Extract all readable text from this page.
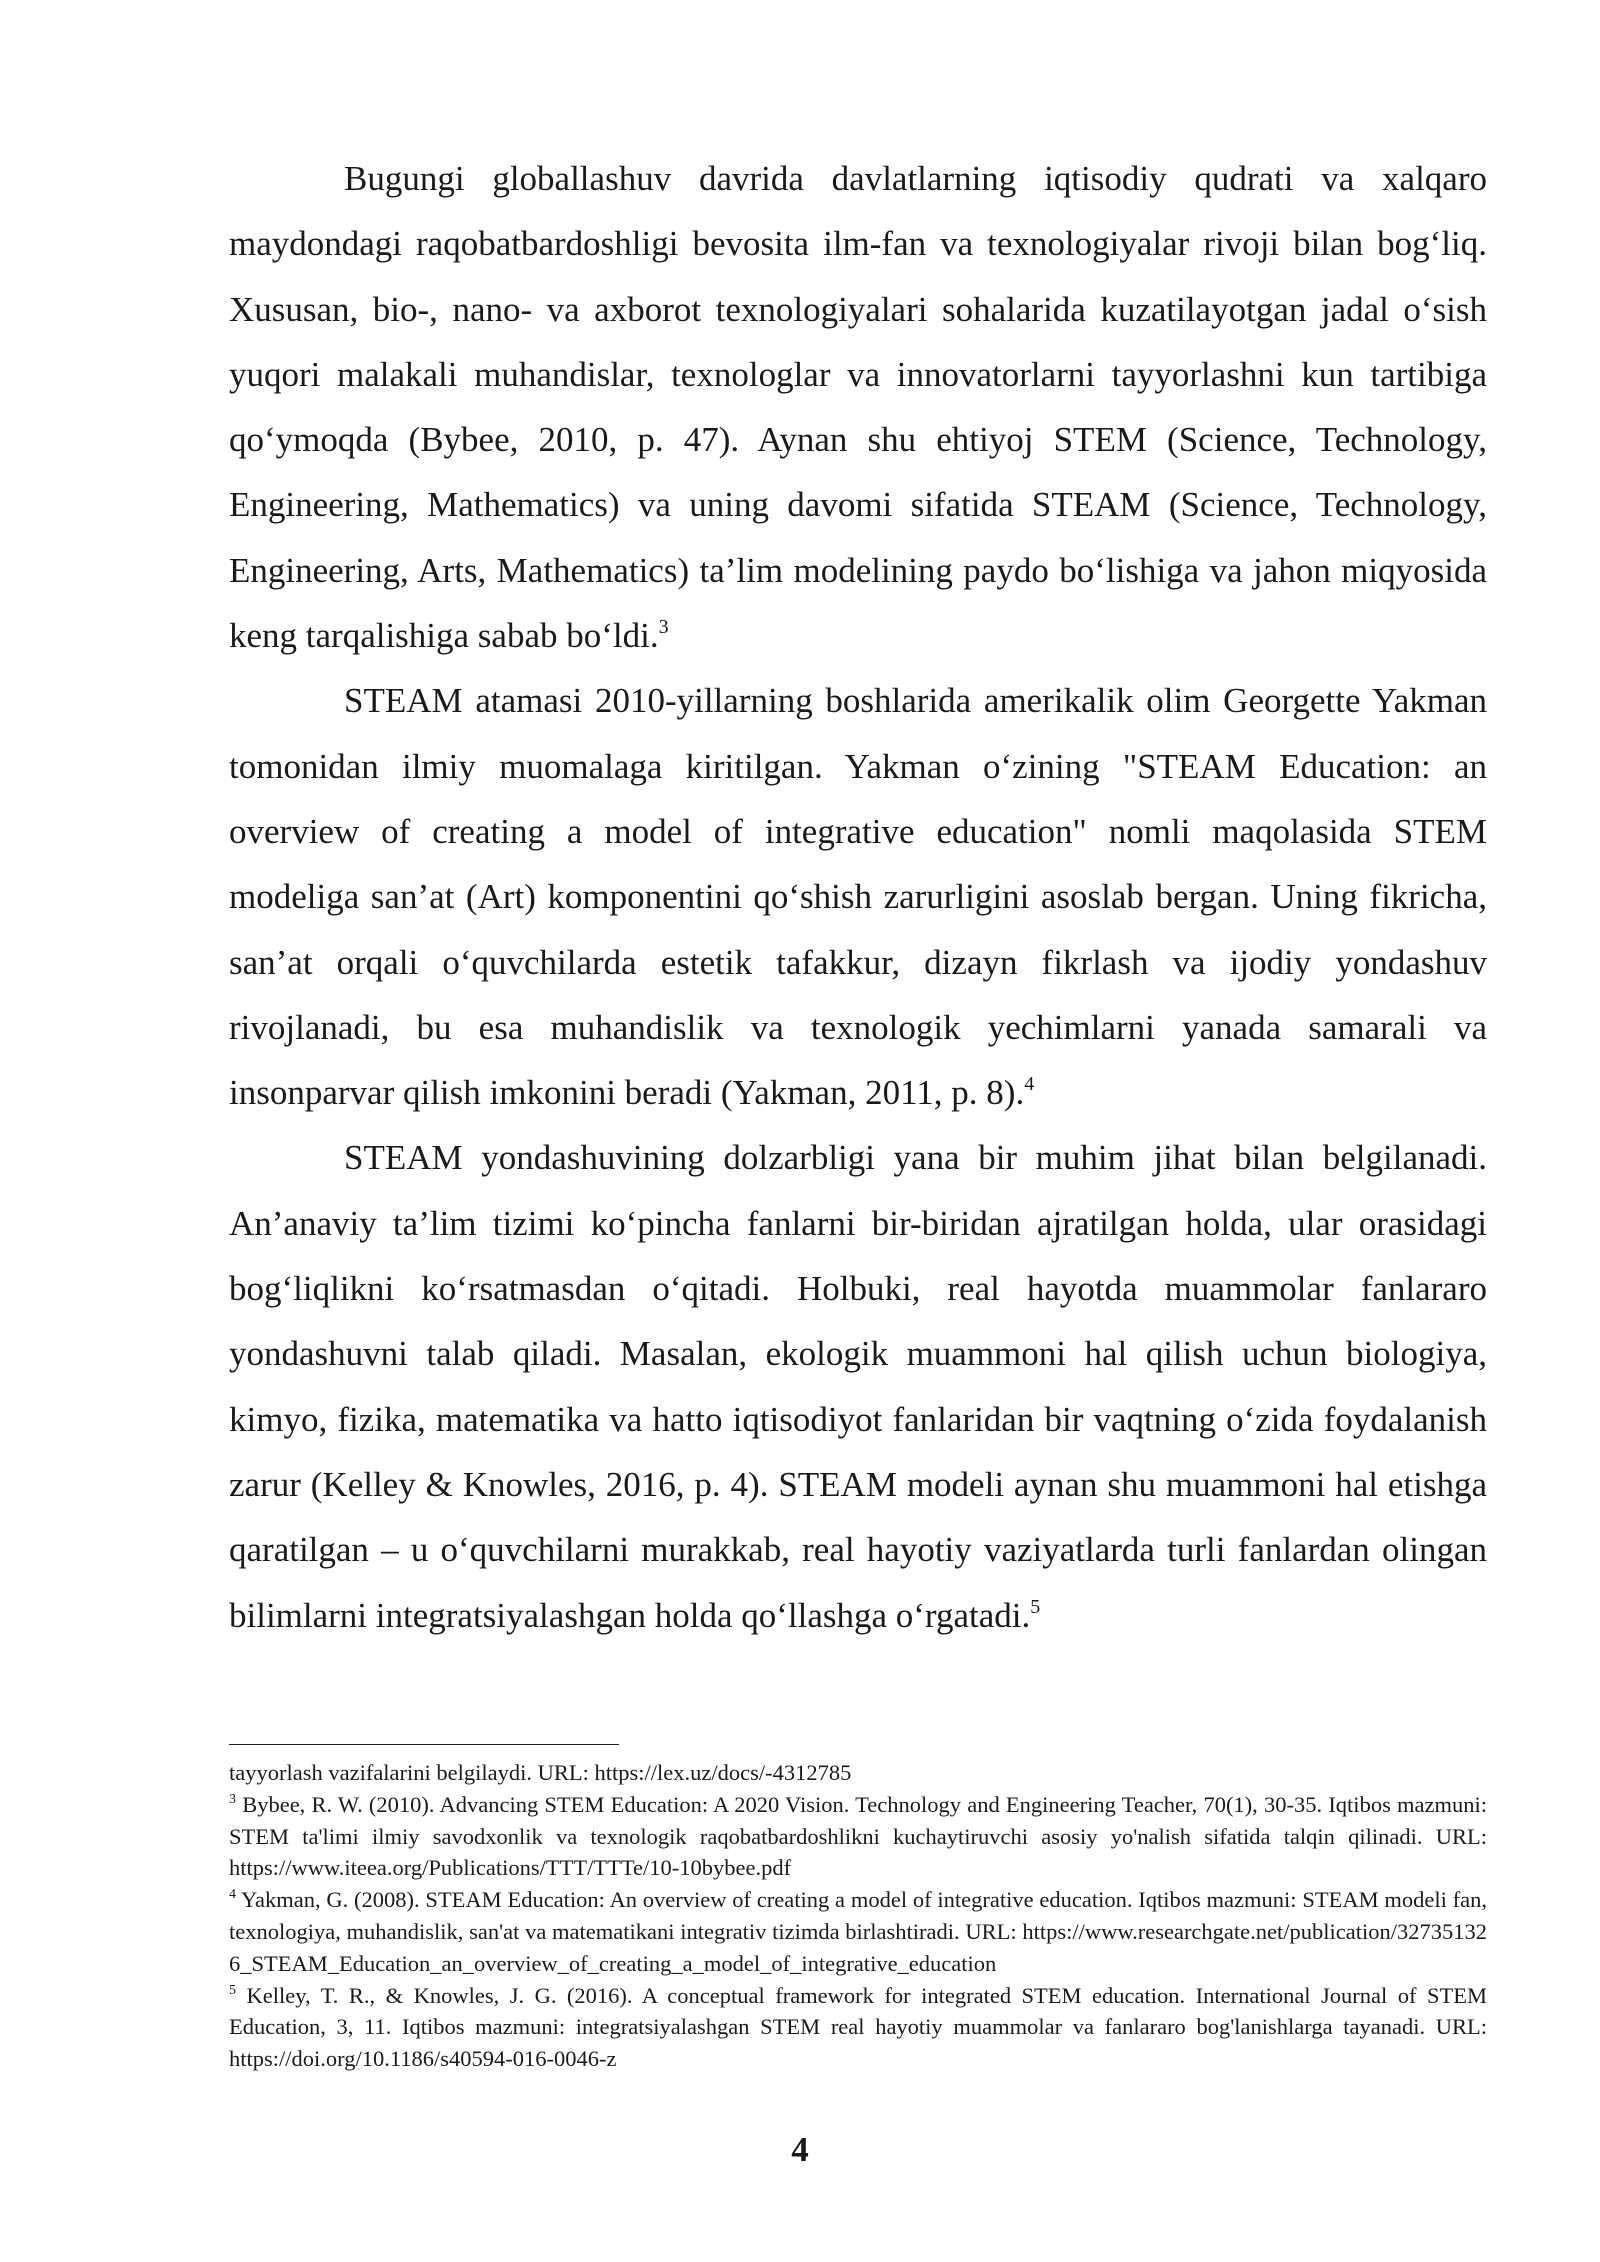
Bugungi globallashuv davrida davlatlarning iqtisodiy qudrati va xalqaro maydondagi raqobatbardoshligi bevosita ilm-fan va texnologiyalar rivoji bilan bog‘liq. Xususan, bio-, nano- va axborot texnologiyalari sohalarida kuzatilayotgan jadal o‘sish yuqori malakali muhandislar, texnologlar va innovatorlarni tayyorlashni kun tartibiga qo‘ymoqda (Bybee, 2010, p. 47). Aynan shu ehtiyoj STEM (Science, Technology, Engineering, Mathematics) va uning davomi sifatida STEAM (Science, Technology, Engineering, Arts, Mathematics) ta’lim modelining paydo bo‘lishiga va jahon miqyosida keng tarqalishiga sabab bo‘ldi.$^3$

STEAM atamasi 2010-yillarning boshlarida amerikalik olim Georgette Yakman tomonidan ilmiy muomalaga kiritilgan. Yakman o‘zining "STEAM Education: an overview of creating a model of integrative education" nomli maqolasida STEM modeliga san’at (Art) komponentini qo‘shish zarurligini asoslab bergan. Uning fikricha, san’at orqali o‘quvchilarda estetik tafakkur, dizayn fikrlash va ijodiy yondashuv rivojlanadi, bu esa muhandislik va texnologik yechimlarni yanada samarali va insonparvar qilish imkonini beradi (Yakman, 2011, p. 8).$^4$

STEAM yondashuvining dolzarbligi yana bir muhim jihat bilan belgilanadi. An’anaviy ta’lim tizimi ko‘pincha fanlarni bir-biridan ajratilgan holda, ular orasidagi bog‘liqlikni ko‘rsatmasdan o‘qitadi. Holbuki, real hayotda muammolar fanlararo yondashuvni talab qiladi. Masalan, ekologik muammoni hal qilish uchun biologiya, kimyo, fizika, matematika va hatto iqtisodiyot fanlaridan bir vaqtning o‘zida foydalanish zarur (Kelley & Knowles, 2016, p. 4). STEAM modeli aynan shu muammoni hal etishga qaratilgan – u o‘quvchilarni murakkab, real hayotiy vaziyatlarda turli fanlardan olingan bilimlarni integratsiyalashgan holda qo‘llashga o‘rgatadi.$^5$

tayyorlash vazifalarini belgilaydi. URL: https://lex.uz/docs/-4312785

$^3$ Bybee, R. W. (2010). Advancing STEM Education: A 2020 Vision. Technology and Engineering Teacher, 70(1), 30-35. Iqtibos mazmuni: STEM ta'limi ilmiy savodxonlik va texnologik raqobatbardoshlikni kuchaytiruvchi asosiy yo'nalish sifatida talqin qilinadi. URL: https://www.iteea.org/Publications/TTT/TTTe/10-10bybee.pdf

$^4$ Yakman, G. (2008). STEAM Education: An overview of creating a model of integrative education. Iqtibos mazmuni: STEAM modeli fan, texnologiya, muhandislik, san'at va matematikani integrativ tizimda birlashtiradi. URL: https://www.researchgate.net/publication/327351326_STEAM_Education_an_overview_of_creating_a_model_of_integrative_education

$^5$ Kelley, T. R., & Knowles, J. G. (2016). A conceptual framework for integrated STEM education. International Journal of STEM Education, 3, 11. Iqtibos mazmuni: integratsiyalashgan STEM real hayotiy muammolar va fanlararo bog'lanishlarga tayanadi. URL: https://doi.org/10.1186/s40594-016-0046-z

4
